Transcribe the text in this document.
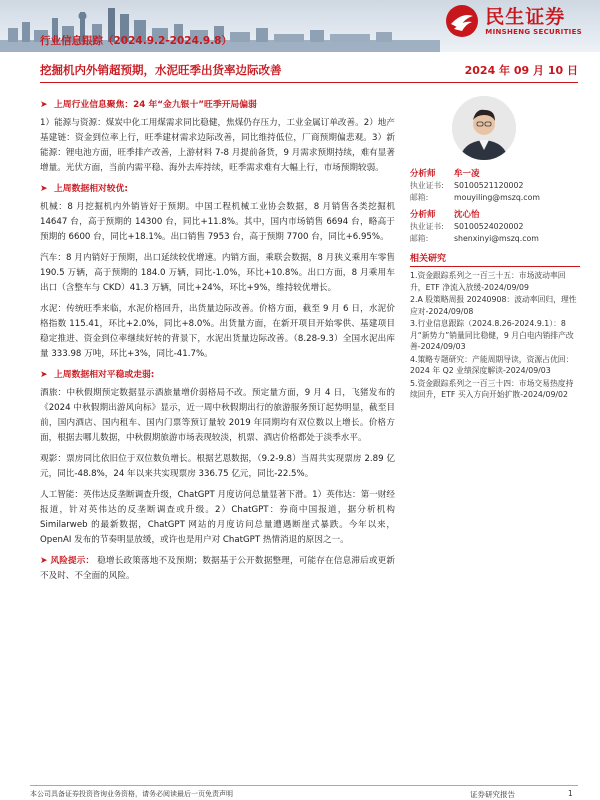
民生证券
MINSHENG SECURITIES
行业信息跟踪（2024.9.2-2024.9.8）
挖掘机内外销超预期，水泥旺季出货率边际改善	2024 年 09 月 10 日
➤ 上周行业信息聚焦：24 年“金九银十”旺季开局偏弱

1）能源与资源：煤炭中化工用煤需求同比稳健，焦煤仍存压力，工业金属订单改善。2）地产基建链：资金到位率上行，旺季建材需求边际改善，同比维持低位，厂商预期偏悲观。3）新能源：锂电池方面，旺季排产改善，上游材料 7-8 月提前备货，9 月需求预期持续，难有显著增量。光伏方面，当前内需平稳、海外去库持续，旺季需求难有大幅上行，市场预期较弱。

➤ 上周数据相对较优:

机械：8 月挖掘机内外销皆好于预期。中国工程机械工业协会数据，8 月销售各类挖掘机 14647 台，高于预期的 14300 台，同比+11.8%。其中，国内市场销售 6694 台，略高于预期的 6600 台，同比+18.1%。出口销售 7953 台，高于预期 7700 台，同比+6.95%。

汽车：8 月内销好于预期，出口延续较优增速。内销方面，乘联会数据，8 月狭义乘用车零售 190.5 万辆，高于预期的 184.0 万辆，同比-1.0%，环比+10.8%。出口方面，8 月乘用车出口（含整车与 CKD）41.3 万辆，同比+24%，环比+9%，维持较优增长。

水泥：传统旺季来临，水泥价格回升，出货量边际改善。价格方面，截至 9 月 6 日，水泥价格指数 115.41，环比+2.0%，同比+8.0%。出货量方面，在新开项目开始零供、基建项目稳定推进、资金到位率继续好转的背景下，水泥出货量边际改善。（8.28-9.3）全国水泥出库量 333.98 万吨，环比+3%，同比-41.7%。

➤ 上周数据相对平稳或走弱:

酒旅：中秋假期预定数据显示酒旅量增价弱格局不改。预定量方面，9 月 4 日，飞猪发布的《2024 中秋假期出游风向标》显示，近一周中秋假期出行的旅游服务预订起势明显，截至目前，国内酒店、国内租车、国内门票等预订量较 2019 年同期均有双位数以上增长。价格方面，根据去哪儿数据，中秋假期旅游市场表现较淡，机票、酒店价格都处于淡季水平。

观影：票房同比依旧位于双位数负增长。根据艺恩数据，（9.2-9.8）当周共实现票房 2.89 亿元，同比-48.8%，24 年以来共实现票房 336.75 亿元，同比-22.5%。

人工智能：英伟达反垄断调查升级，ChatGPT 月度访问总量显著下滑。1）英伟达：第一财经报道，针对英伟达的反垄断调查或升级。2）ChatGPT：券商中国报道，据分析机构 Similarweb 的最新数据，ChatGPT 网站的月度访问总量遭遇断崖式暴跌。今年以来，OpenAI 发布的节奏明显放缓，或许也是用户对 ChatGPT 热情消退的原因之一。

➤ 风险提示： 稳增长政策落地不及预期；数据基于公开数据整理，可能存在信息滞后或更新不及时、不全面的风险。

分析师	牟一凌
执业证书:	S0100521120002
邮箱:	mouyiling@mszq.com
分析师	沈心怡
执业证书:	S0100524020002
邮箱:	shenxinyi@mszq.com
相关研究
1.资金跟踪系列之一百三十五：市场波动率回升，ETF 净流入放缓-2024/09/09
2.A 股策略周报 20240908：波动率回归，理性应对-2024/09/08
3.行业信息跟踪（2024.8.26-2024.9.1）：8 月“新势力”销量同比稳健，9 月白电内销排产改善-2024/09/03
4.策略专题研究：产能周期导读，资源占优回：2024 年 Q2 业绩深度解读-2024/09/03
5.资金跟踪系列之一百三十四：市场交易热度持续回升，ETF 买入方向开始扩散-2024/09/02
本公司具备证券投资咨询业务资格，请务必阅读最后一页免责声明	证券研究报告	1
